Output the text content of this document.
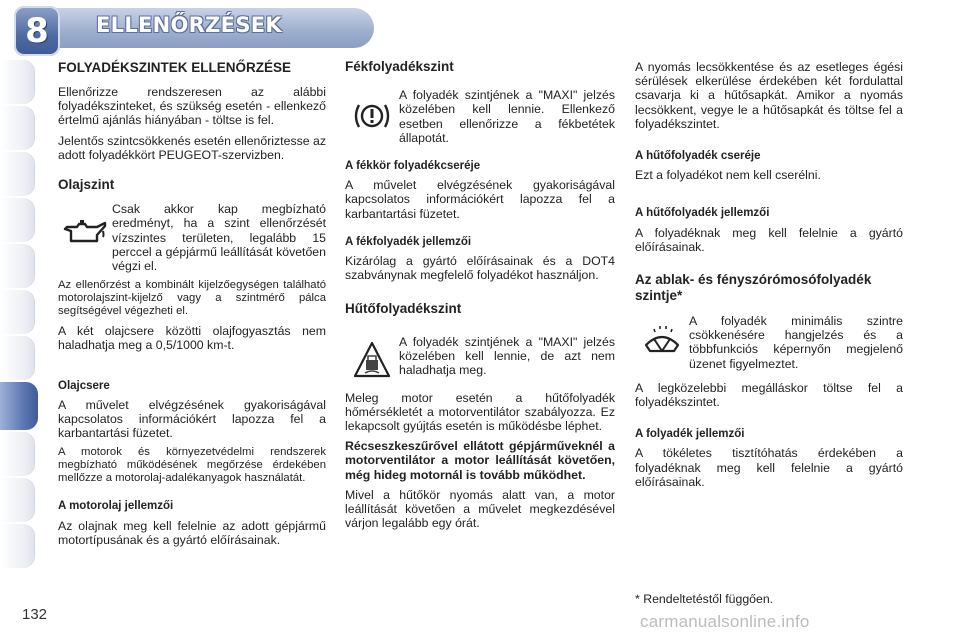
8	ELLENŐRZÉSEK
FOLYADÉKSZINTEK ELLENŐRZÉSE

Ellenőrizze rendszeresen az alábbi folyadékszinteket, és szükség esetén - ellenkező értelmű ajánlás hiányában - töltse is fel.

Jelentős szintcsökkenés esetén ellenőriztesse az adott folyadékkört PEUGEOT-szervizben.

Olajszint
Csak akkor kap megbízható eredményt, ha a szint ellenőrzését vízszintes területen, legalább 15 perccel a gépjármű leállítását követően végzi el.

Az ellenőrzést a kombinált kijelzőegységen található motorolajszint-kijelző vagy a szintmérő pálca segítségével végezheti el.

A két olajcsere közötti olajfogyasztás nem haladhatja meg a 0,5/1000 km-t.

Olajcsere

A művelet elvégzésének gyakoriságával kapcsolatos információkért lapozza fel a karbantartási füzetet.

A motorok és környezetvédelmi rendszerek megbízható működésének megőrzése érdekében mellőzze a motorolaj-adalékanyagok használatát.

A motorolaj jellemzői

Az olajnak meg kell felelnie az adott gépjármű motortípusának és a gyártó előírásainak.

Fékfolyadékszint
A folyadék szintjének a "MAXI" jelzés közelében kell lennie. Ellenkező esetben ellenőrizze a fékbetétek állapotát.
A fékkör folyadékcseréje

A művelet elvégzésének gyakoriságával kapcsolatos információkért lapozza fel a karbantartási füzetet.

A fékfolyadék jellemzői

Kizárólag a gyártó előírásainak és a DOT4 szabványnak megfelelő folyadékot használjon.

Hűtőfolyadékszint
A folyadék szintjének a "MAXI" jelzés közelében kell lennie, de azt nem haladhatja meg.

Meleg motor esetén a hűtőfolyadék hőmérsékletét a motorventilátor szabályozza. Ez lekapcsolt gyújtás esetén is működésbe léphet.

Récseszkeszűrővel ellátott gépjárműveknél a motorventilátor a motor leállítását követően, még hideg motornál is tovább működhet.

Mivel a hűtőkör nyomás alatt van, a motor leállítását követően a művelet megkezdésével várjon legalább egy órát.

A nyomás lecsökkentése és az esetleges égési sérülések elkerülése érdekében két fordulattal csavarja ki a hűtősapkát. Amikor a nyomás lecsökkent, vegye le a hűtősapkát és töltse fel a folyadékszintet.

A hűtőfolyadék cseréje

Ezt a folyadékot nem kell cserélni.

A hűtőfolyadék jellemzői

A folyadéknak meg kell felelnie a gyártó előírásainak.

Az ablak- és fényszórómosófolyadék szintje*
A folyadék minimális szintre csökkenésére hangjelzés és a többfunkciós képernyőn megjelenő üzenet figyelmeztet.

A legközelebbi megálláskor töltse fel a folyadékszintet.

A folyadék jellemzői

A tökéletes tisztítóhatás érdekében a folyadéknak meg kell felelnie a gyártó előírásainak.

* Rendeltetéstől függően.
132	carmanualsonline.info
